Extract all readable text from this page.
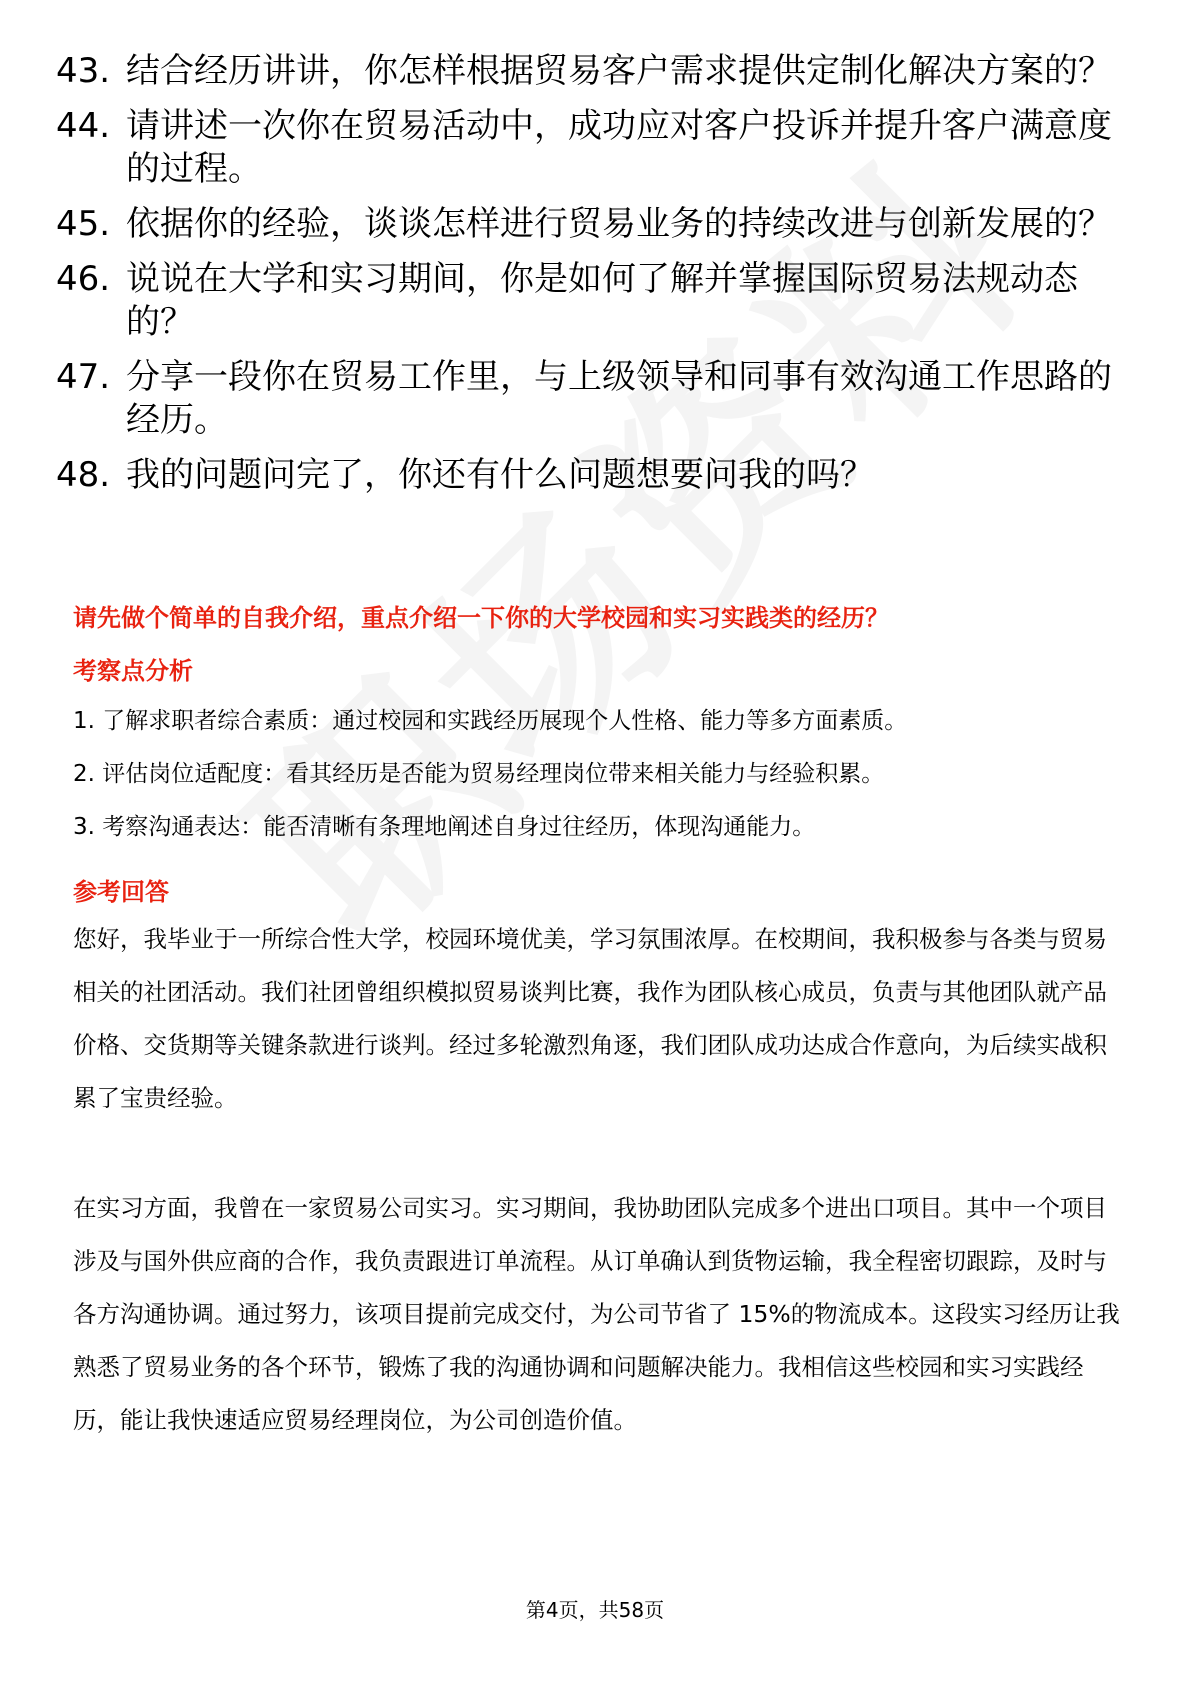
43. 结合经历讲讲，你怎样根据贸易客户需求提供定制化解决方案的？
44. 请讲述一次你在贸易活动中，成功应对客户投诉并提升客户满意度的过程。
45. 依据你的经验，谈谈怎样进行贸易业务的持续改进与创新发展的？
46. 说说在大学和实习期间，你是如何了解并掌握国际贸易法规动态的？
47. 分享一段你在贸易工作里，与上级领导和同事有效沟通工作思路的经历。
48. 我的问题问完了，你还有什么问题想要问我的吗？
请先做个简单的自我介绍，重点介绍一下你的大学校园和实习实践类的经历？
考察点分析
1. 了解求职者综合素质：通过校园和实践经历展现个人性格、能力等多方面素质。
2. 评估岗位适配度：看其经历是否能为贸易经理岗位带来相关能力与经验积累。
3. 考察沟通表达：能否清晰有条理地阐述自身过往经历，体现沟通能力。
参考回答

您好，我毕业于一所综合性大学，校园环境优美，学习氛围浓厚。在校期间，我积极参与各类与贸易相关的社团活动。我们社团曾组织模拟贸易谈判比赛，我作为团队核心成员，负责与其他团队就产品价格、交货期等关键条款进行谈判。经过多轮激烈角逐，我们团队成功达成合作意向，为后续实战积累了宝贵经验。

在实习方面，我曾在一家贸易公司实习。实习期间，我协助团队完成多个进出口项目。其中一个项目涉及与国外供应商的合作，我负责跟进订单流程。从订单确认到货物运输，我全程密切跟踪，及时与各方沟通协调。通过努力，该项目提前完成交付，为公司节省了 15%的物流成本。这段实习经历让我熟悉了贸易业务的各个环节，锻炼了我的沟通协调和问题解决能力。我相信这些校园和实习实践经历，能让我快速适应贸易经理岗位，为公司创造价值。

第4页，共58页
